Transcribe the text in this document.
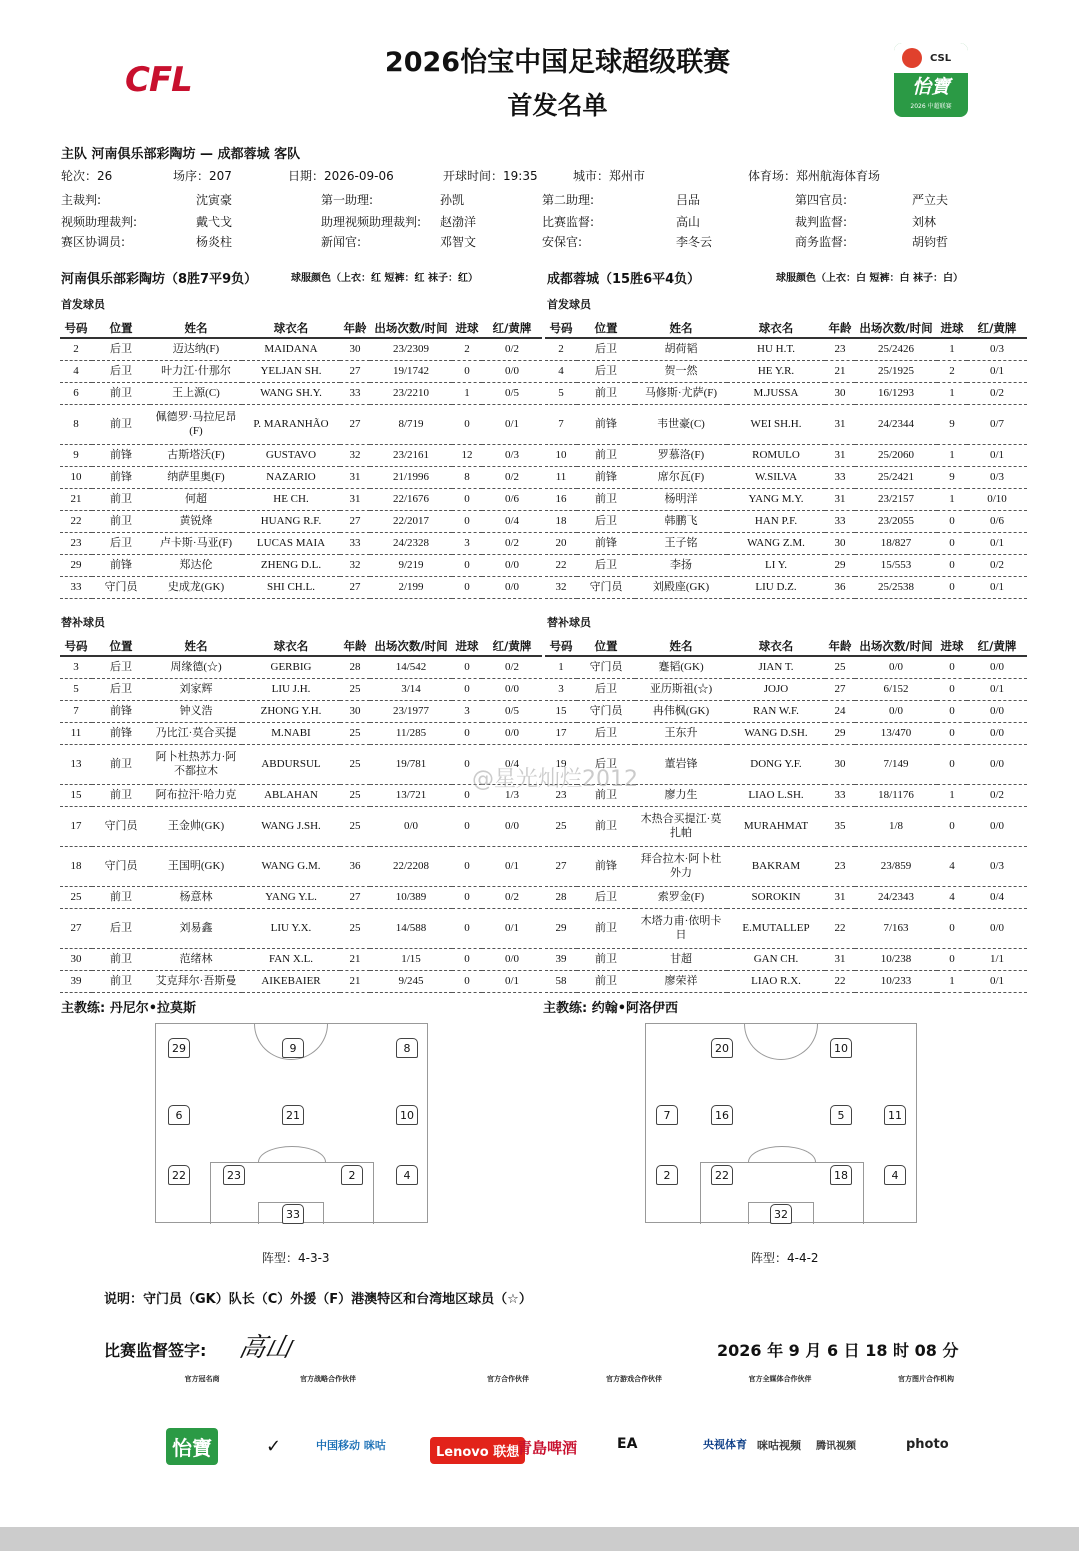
CFL	2026怡宝中国足球超级联赛
首发名单
CSL
怡寶
2026 中超联赛
主队 河南俱乐部彩陶坊 — 成都蓉城 客队
轮次：26	场序：207	日期：2026-09-06	开球时间：19:35	城市：郑州市	体育场：郑州航海体育场
主裁判:	沈寅豪	第一助理:	孙凯	第二助理:	吕品	第四官员:	严立夫
视频助理裁判:	戴弋戈	助理视频助理裁判: 赵渤洋	比赛监督:	高山	裁判监督:	刘林
赛区协调员:	杨炎柱	新闻官:	邓智文	安保官:	李冬云	商务监督:	胡钧哲
河南俱乐部彩陶坊（8胜7平9负）	球服颜色（上衣：红 短裤：红 袜子：红）	成都蓉城（15胜6平4负）	球服颜色（上衣：白 短裤：白 袜子：白）
首发球员	首发球员
替补球员	替补球员
号码	位置	姓名	球衣名	年龄	出场次数/时间	进球	红/黄牌
2	后卫	迈达纳(F)	MAIDANA	30	23/2309	2	0/2
4	后卫	叶力江·什那尔	YELJAN SH.	27	19/1742	0	0/0
6	前卫	王上源(C)	WANG SH.Y.	33	23/2210	1	0/5
8	前卫	佩德罗·马拉尼昂(F)	P. MARANHÃO	27	8/719	0	0/1
9	前锋	古斯塔沃(F)	GUSTAVO	32	23/2161	12	0/3
10	前锋	纳萨里奥(F)	NAZARIO	31	21/1996	8	0/2
21	前卫	何超	HE CH.	31	22/1676	0	0/6
22	前卫	黄锐烽	HUANG R.F.	27	22/2017	0	0/4
23	后卫	卢卡斯·马亚(F)	LUCAS MAIA	33	24/2328	3	0/2
29	前锋	郑达伦	ZHENG D.L.	32	9/219	0	0/0
33	守门员	史成龙(GK)	SHI CH.L.	27	2/199	0	0/0
号码	位置	姓名	球衣名	年龄	出场次数/时间	进球	红/黄牌
2	后卫	胡荷韬	HU H.T.	23	25/2426	1	0/3
4	后卫	贺一然	HE Y.R.	21	25/1925	2	0/1
5	前卫	马修斯·尤萨(F)	M.JUSSA	30	16/1293	1	0/2
7	前锋	韦世豪(C)	WEI SH.H.	31	24/2344	9	0/7
10	前卫	罗慕洛(F)	ROMULO	31	25/2060	1	0/1
11	前锋	席尔瓦(F)	W.SILVA	33	25/2421	9	0/3
16	前卫	杨明洋	YANG M.Y.	31	23/2157	1	0/10
18	后卫	韩鹏飞	HAN P.F.	33	23/2055	0	0/6
20	前锋	王子铭	WANG Z.M.	30	18/827	0	0/1
22	后卫	李扬	LI Y.	29	15/553	0	0/2
32	守门员	刘殿座(GK)	LIU D.Z.	36	25/2538	0	0/1
号码	位置	姓名	球衣名	年龄	出场次数/时间	进球	红/黄牌
3	后卫	周缘德(☆)	GERBIG	28	14/542	0	0/2
5	后卫	刘家辉	LIU J.H.	25	3/14	0	0/0
7	前锋	钟义浩	ZHONG Y.H.	30	23/1977	3	0/5
11	前锋	乃比江·莫合买提	M.NABI	25	11/285	0	0/0
13	前卫	阿卜杜热苏力·阿不都拉木	ABDURSUL	25	19/781	0	0/4
15	前卫	阿布拉汗·哈力克	ABLAHAN	25	13/721	0	1/3
17	守门员	王金帅(GK)	WANG J.SH.	25	0/0	0	0/0
18	守门员	王国明(GK)	WANG G.M.	36	22/2208	0	0/1
25	前卫	杨意林	YANG Y.L.	27	10/389	0	0/2
27	后卫	刘易鑫	LIU Y.X.	25	14/588	0	0/1
30	前卫	范绪林	FAN X.L.	21	1/15	0	0/0
39	前卫	艾克拜尔·吾斯曼	AIKEBAIER	21	9/245	0	0/1
号码	位置	姓名	球衣名	年龄	出场次数/时间	进球	红/黄牌
1	守门员	蹇韬(GK)	JIAN T.	25	0/0	0	0/0
3	后卫	亚历斯祖(☆)	JOJO	27	6/152	0	0/1
15	守门员	冉伟枫(GK)	RAN W.F.	24	0/0	0	0/0
17	后卫	王东升	WANG D.SH.	29	13/470	0	0/0
19	后卫	董岩锋	DONG Y.F.	30	7/149	0	0/0
23	前卫	廖力生	LIAO L.SH.	33	18/1176	1	0/2
25	前卫	木热合买提江·莫扎帕	MURAHMAT	35	1/8	0	0/0
27	前锋	拜合拉木·阿卜杜外力	BAKRAM	23	23/859	4	0/3
28	后卫	索罗金(F)	SOROKIN	31	24/2343	4	0/4
29	前卫	木塔力甫·依明卡日	E.MUTALLEP	22	7/163	0	0/0
39	前卫	甘超	GAN CH.	31	10/238	0	1/1
58	前卫	廖荣祥	LIAO R.X.	22	10/233	1	0/1
@星光灿烂2012
主教练: 丹尼尔•拉莫斯	主教练: 约翰•阿洛伊西
29	9	8
6	21	10
22	23	2	4
33
20	10
7	16	5	11
2	22	18	4
32
阵型：4-3-3	阵型：4-4-2
说明：守门员（GK）队长（C）外援（F）港澳特区和台湾地区球员（☆）
比赛监督签字: 高山	2026 年 9 月 6 日 18 时 08 分
官方冠名商	官方战略合作伙伴	官方合作伙伴	官方游戏合作伙伴	官方全媒体合作伙伴	官方图片合作机构
怡寶	✓	中国移动 咪咕	Lenovo 联想
青島啤酒	EA	央视体育 咪咕视频 腾讯视频	photo
